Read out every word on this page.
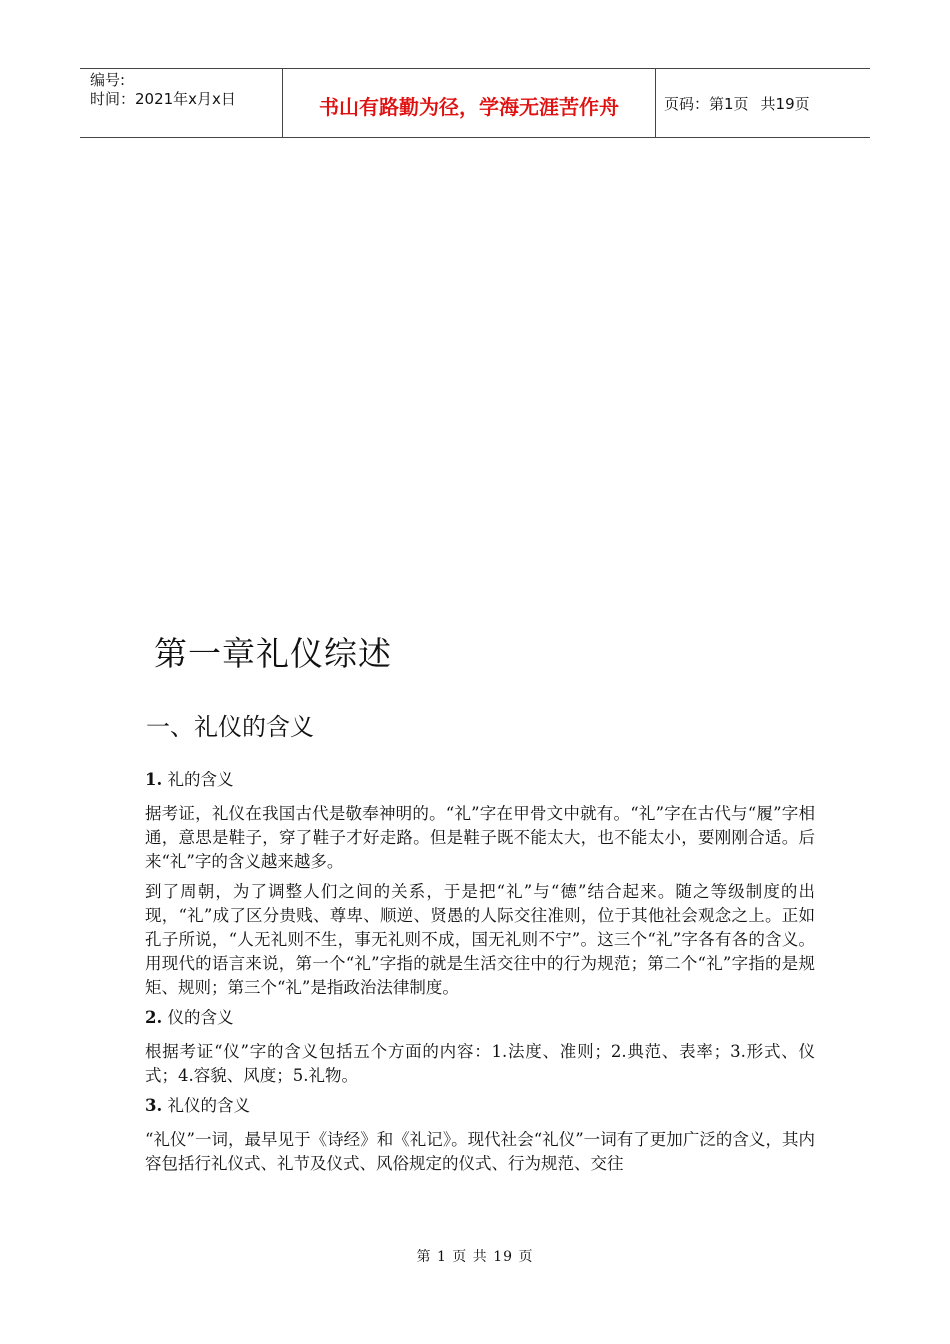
编号:
时间：2021年x月x日	书山有路勤为径，学海无涯苦作舟	页码：第1页 共19页
第一章礼仪综述
一、礼仪的含义

1. 礼的含义

据考证，礼仪在我国古代是敬奉神明的。“礼”字在甲骨文中就有。“礼”字在古代与“履”字相通，意思是鞋子，穿了鞋子才好走路。但是鞋子既不能太大，也不能太小，要刚刚合适。后来“礼”字的含义越来越多。

到了周朝，为了调整人们之间的关系，于是把“礼”与“德”结合起来。随之等级制度的出现，“礼”成了区分贵贱、尊卑、顺逆、贤愚的人际交往准则，位于其他社会观念之上。正如孔子所说，“人无礼则不生，事无礼则不成，国无礼则不宁”。这三个“礼”字各有各的含义。用现代的语言来说，第一个“礼”字指的就是生活交往中的行为规范；第二个“礼”字指的是规矩、规则；第三个“礼”是指政治法律制度。

2. 仪的含义

根据考证“仪”字的含义包括五个方面的内容：1.法度、准则；2.典范、表率；3.形式、仪式；4.容貌、风度；5.礼物。

3. 礼仪的含义

“礼仪”一词，最早见于《诗经》和《礼记》。现代社会“礼仪”一词有了更加广泛的含义，其内容包括行礼仪式、礼节及仪式、风俗规定的仪式、行为规范、交往

第 1 页 共 19 页
